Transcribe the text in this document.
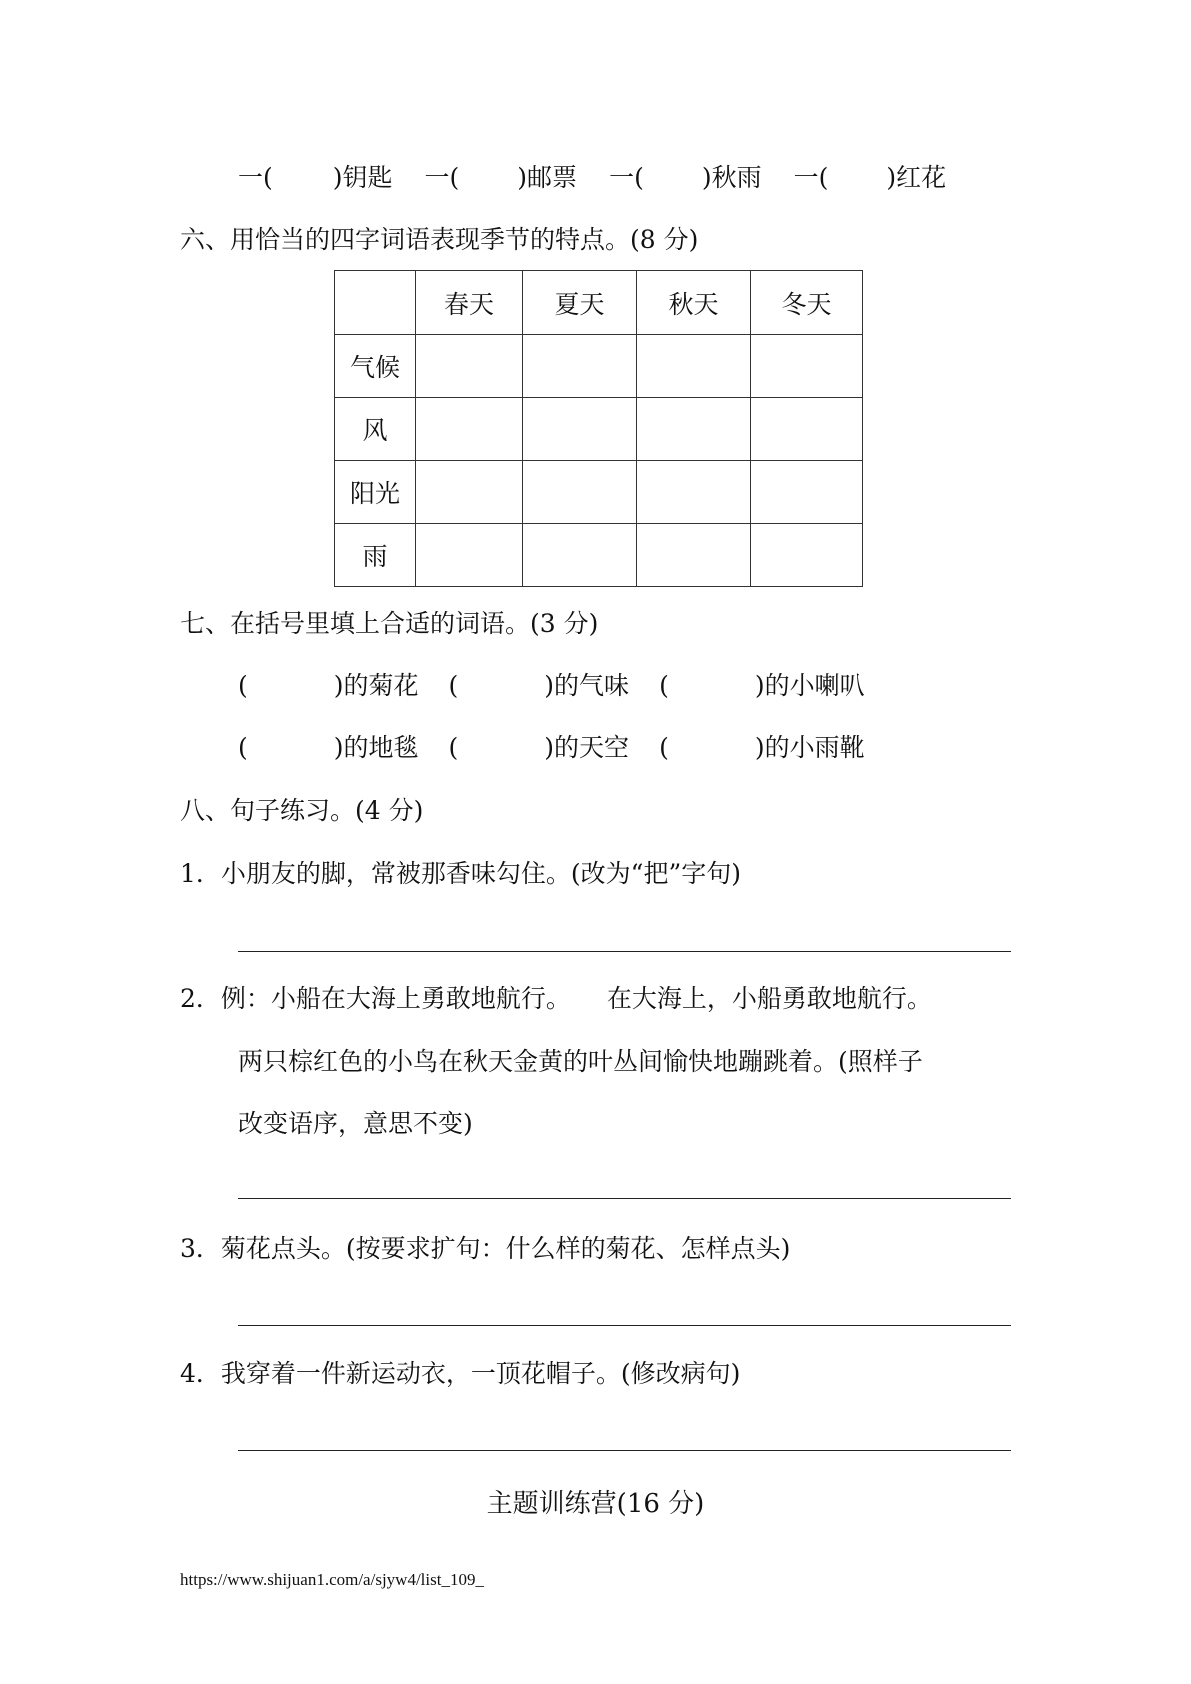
一( )钥匙 一( )邮票 一( )秋雨 一( )红花
六、用恰当的四字词语表现季节的特点。(8 分)
	春天	夏天	秋天	冬天
气候				
风				
阳光				
雨				
七、在括号里填上合适的词语。(3 分)
(	)的菊花 (	)的气味 (	)的小喇叭
(	)的地毯 (	)的天空 (	)的小雨靴
八、句子练习。(4 分)
1．小朋友的脚，常被那香味勾住。(改为“把”字句)
2．例：小船在大海上勇敢地航行。 在大海上，小船勇敢地航行。
两只棕红色的小鸟在秋天金黄的叶丛间愉快地蹦跳着。(照样子
改变语序，意思不变)
3．菊花点头。(按要求扩句：什么样的菊花、怎样点头)
4．我穿着一件新运动衣，一顶花帽子。(修改病句)
主题训练营(16 分)
https://www.shijuan1.com/a/sjyw4/list_109_
